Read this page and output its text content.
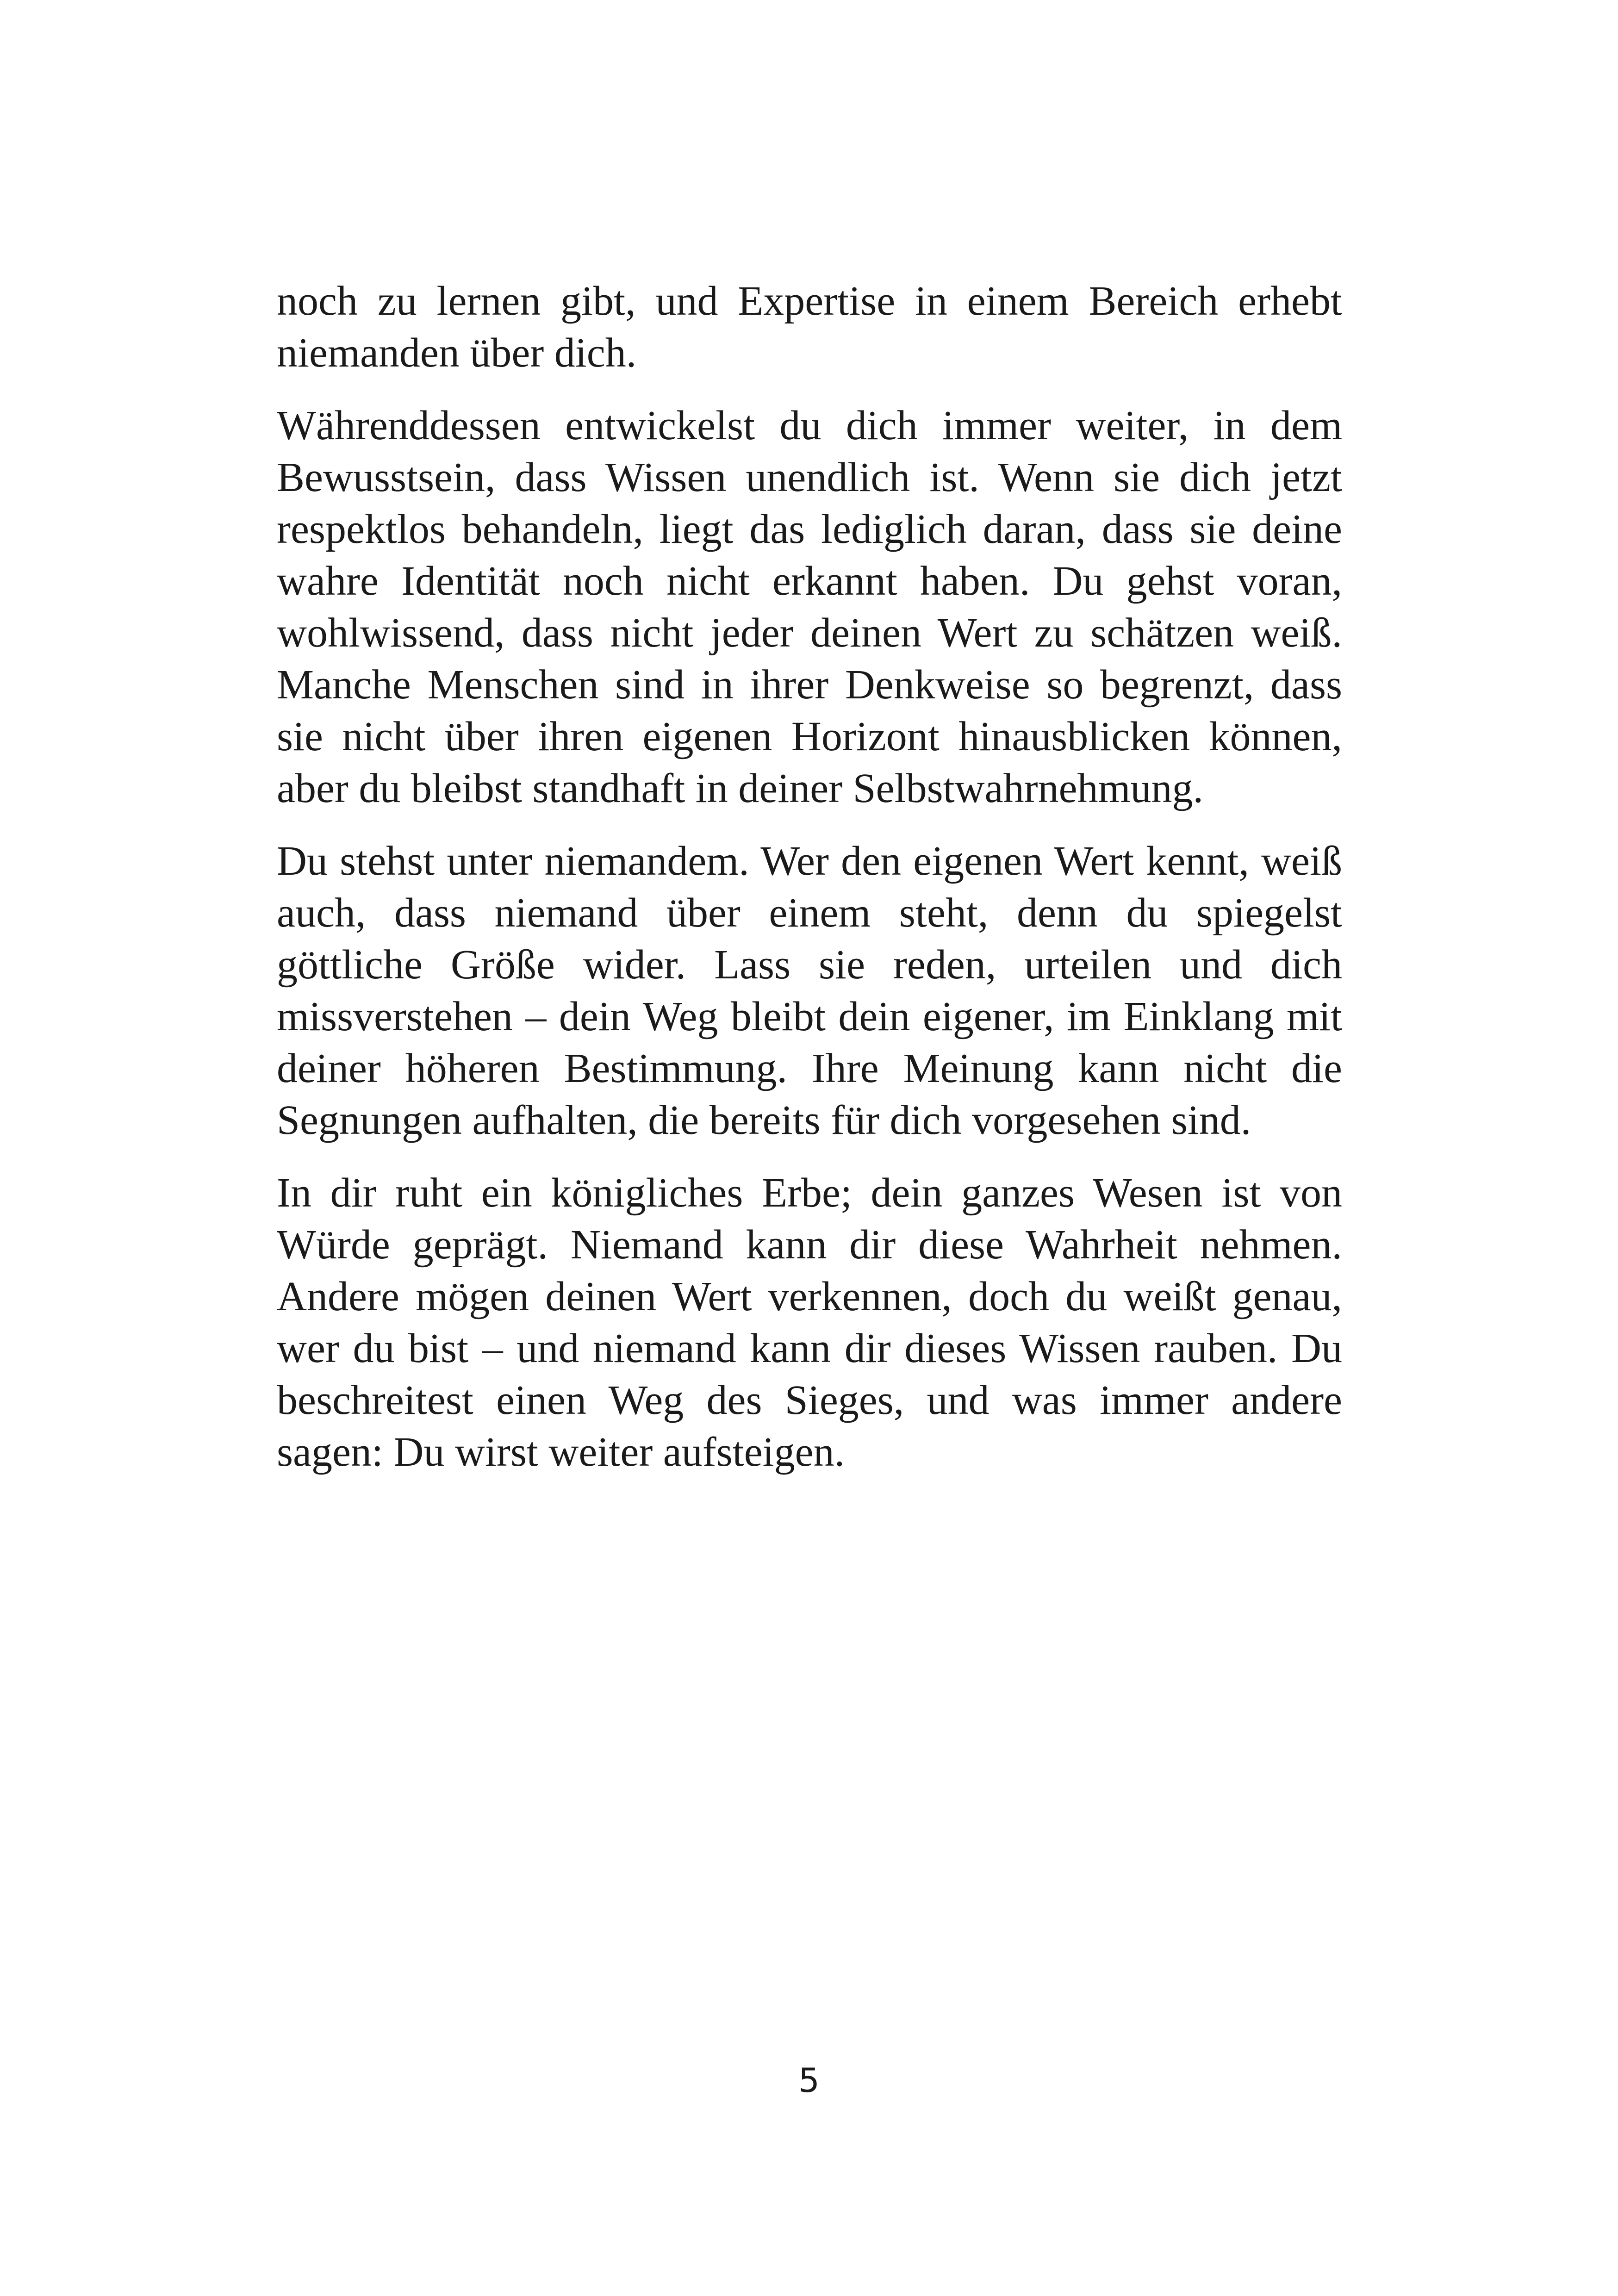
noch zu lernen gibt, und Expertise in einem Bereich erhebt niemanden über dich.

Währenddessen entwickelst du dich immer weiter, in dem Bewusstsein, dass Wissen unendlich ist. Wenn sie dich jetzt respektlos behandeln, liegt das lediglich daran, dass sie deine wahre Identität noch nicht erkannt haben. Du gehst voran, wohlwissend, dass nicht jeder deinen Wert zu schätzen weiß. Manche Menschen sind in ihrer Denkweise so begrenzt, dass sie nicht über ihren eigenen Horizont hinausblicken können, aber du bleibst standhaft in deiner Selbstwahrnehmung.

Du stehst unter niemandem. Wer den eigenen Wert kennt, weiß auch, dass niemand über einem steht, denn du spiegelst göttliche Größe wider. Lass sie reden, urteilen und dich missverstehen – dein Weg bleibt dein eigener, im Einklang mit deiner höheren Bestimmung. Ihre Meinung kann nicht die Segnungen aufhalten, die bereits für dich vorgesehen sind.

In dir ruht ein königliches Erbe; dein ganzes Wesen ist von Würde geprägt. Niemand kann dir diese Wahrheit nehmen. Andere mögen deinen Wert verkennen, doch du weißt genau, wer du bist – und niemand kann dir dieses Wissen rauben. Du beschreitest einen Weg des Sieges, und was immer andere sagen: Du wirst weiter aufsteigen.

5
